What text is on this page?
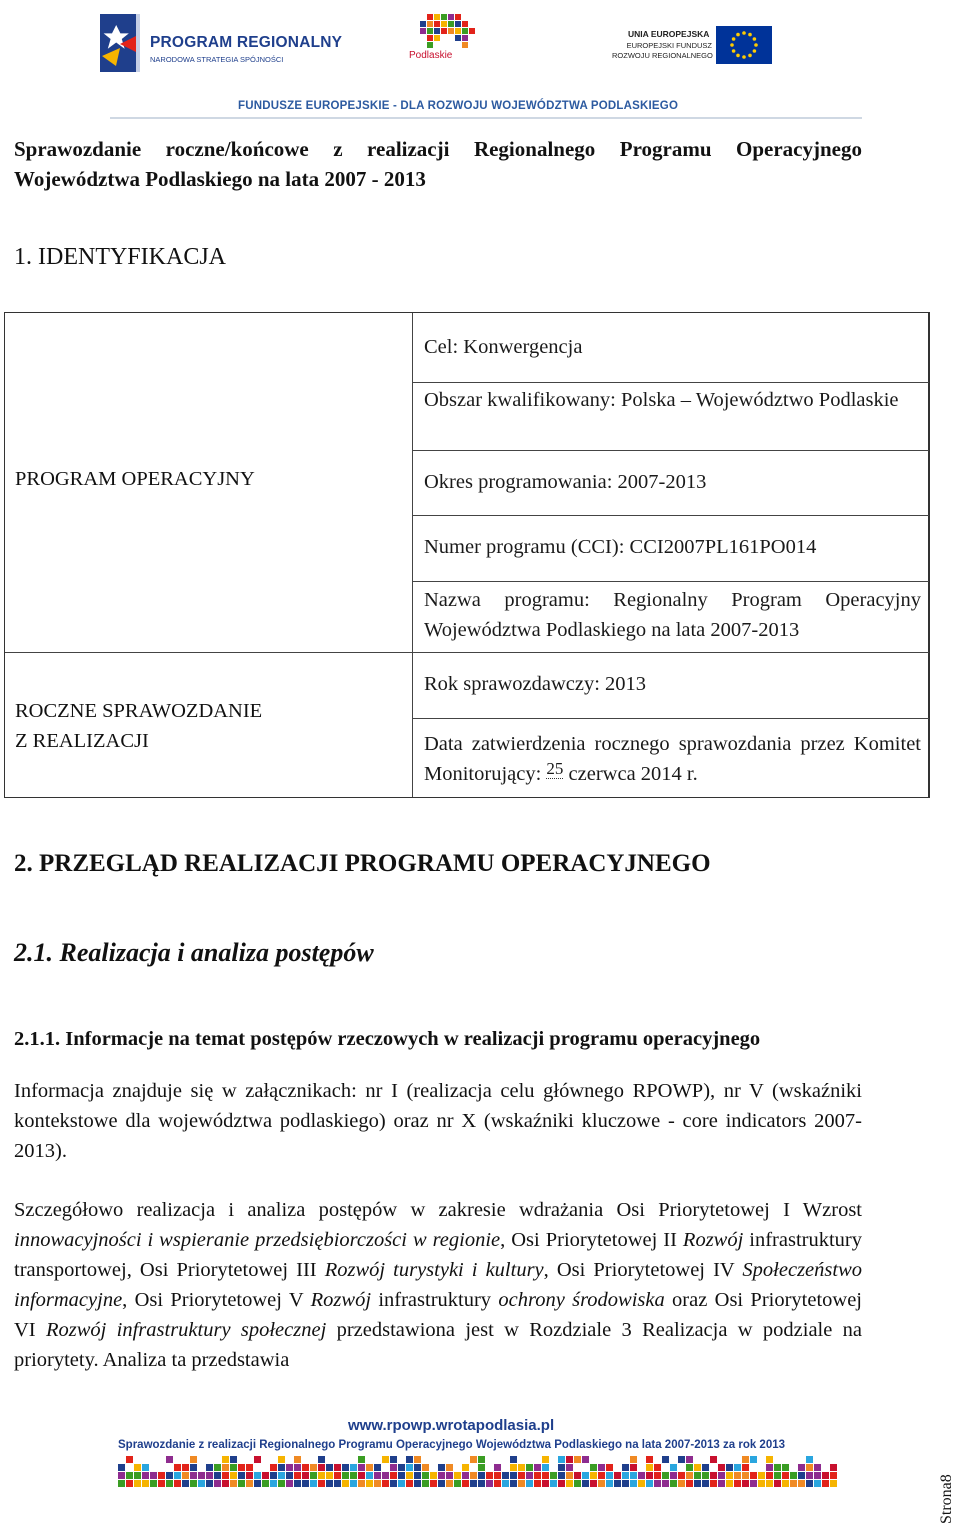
PROGRAM REGIONALNY
NARODOWA STRATEGIA SPÓJNOŚCI	Podlaskie
UNIA EUROPEJSKA
EUROPEJSKI FUNDUSZ
ROZWOJU REGIONALNEGO
FUNDUSZE EUROPEJSKIE - DLA ROZWOJU WOJEWÓDZTWA PODLASKIEGO
Sprawozdanie roczne/końcowe z realizacji Regionalnego Programu Operacyjnego Województwa Podlaskiego na lata 2007 - 2013
1. IDENTYFIKACJA
PROGRAM OPERACYJNY
ROCZNE SPRAWOZDANIE
Z REALIZACJI
Cel: Konwergencja
Obszar kwalifikowany: Polska – Województwo Podlaskie
Okres programowania: 2007-2013
Numer programu (CCI): CCI2007PL161PO014
Nazwa programu: Regionalny Program Operacyjny Województwa Podlaskiego na lata 2007-2013
Rok sprawozdawczy: 2013
Data zatwierdzenia rocznego sprawozdania przez Komitet Monitorujący: $^{25}$ czerwca 2014 r.
2. PRZEGLĄD REALIZACJI PROGRAMU OPERACYJNEGO
2.1. Realizacja i analiza postępów
2.1.1. Informacje na temat postępów rzeczowych w realizacji programu operacyjnego

Informacja znajduje się w załącznikach: nr I (realizacja celu głównego RPOWP), nr V (wskaźniki kontekstowe dla województwa podlaskiego) oraz nr X (wskaźniki kluczowe - core indicators 2007-2013).

Szczegółowo realizacja i analiza postępów w zakresie wdrażania Osi Priorytetowej I Wzrost innowacyjności i wspieranie przedsiębiorczości w regionie, Osi Priorytetowej II Rozwój infrastruktury transportowej, Osi Priorytetowej III Rozwój turystyki i kultury, Osi Priorytetowej IV Społeczeństwo informacyjne, Osi Priorytetowej V Rozwój infrastruktury ochrony środowiska oraz Osi Priorytetowej VI Rozwój infrastruktury społecznej przedstawiona jest w Rozdziale 3 Realizacja w podziale na priorytety. Analiza ta przedstawia

www.rpowp.wrotapodlasia.pl
Sprawozdanie z realizacji Regionalnego Programu Operacyjnego Województwa Podlaskiego na lata 2007-2013 za rok 2013
Strona8
